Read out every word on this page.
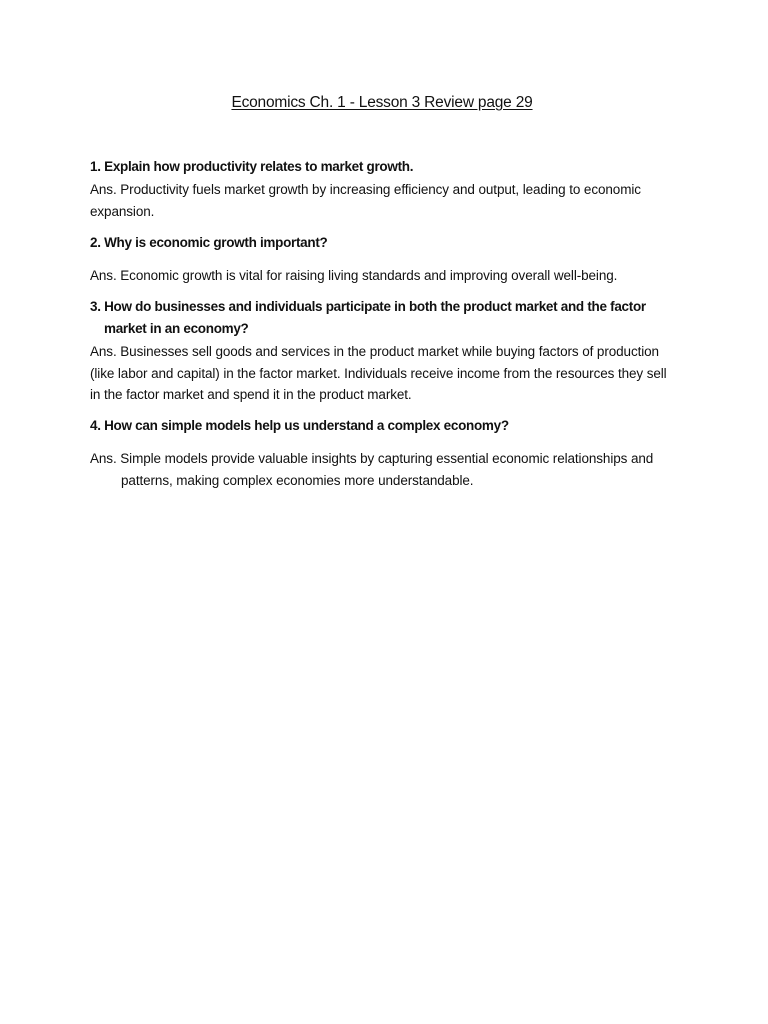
Economics Ch. 1 - Lesson 3 Review page 29
1. Explain how productivity relates to market growth.
Ans. Productivity fuels market growth by increasing efficiency and output, leading to economic expansion.
2. Why is economic growth important?
Ans. Economic growth is vital for raising living standards and improving overall well-being.
3. How do businesses and individuals participate in both the product market and the factor market in an economy?
Ans. Businesses sell goods and services in the product market while buying factors of production (like labor and capital) in the factor market. Individuals receive income from the resources they sell in the factor market and spend it in the product market.
4. How can simple models help us understand a complex economy?
Ans. Simple models provide valuable insights by capturing essential economic relationships and patterns, making complex economies more understandable.
